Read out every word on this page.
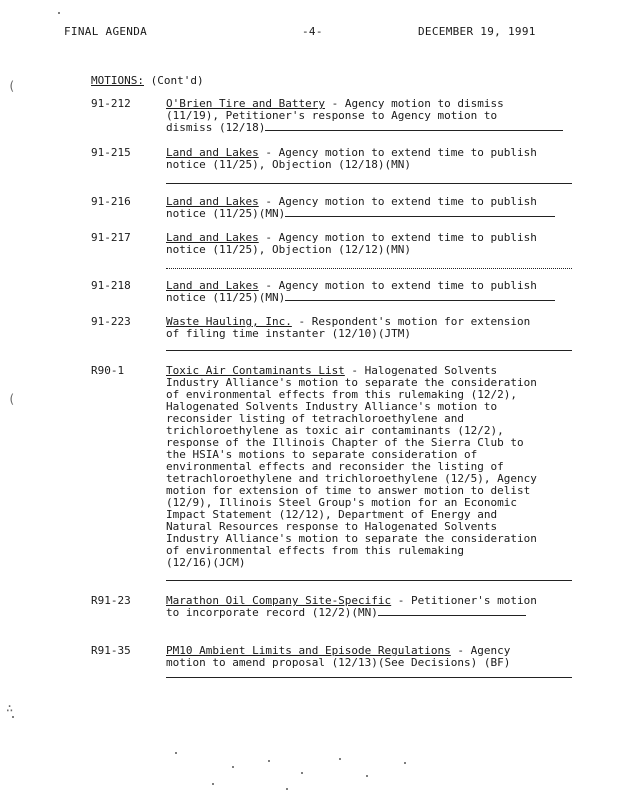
FINAL AGENDA	-4-	DECEMBER 19, 1991
MOTIONS: (Cont'd)
91-212	O'Brien Tire and Battery - Agency motion to dismiss
(11/19), Petitioner's response to Agency motion to
dismiss (12/18)
91-215	Land and Lakes - Agency motion to extend time to publish
notice (11/25), Objection (12/18)(MN)
91-216	Land and Lakes - Agency motion to extend time to publish
notice (11/25)(MN)
91-217	Land and Lakes - Agency motion to extend time to publish
notice (11/25), Objection (12/12)(MN)
91-218	Land and Lakes - Agency motion to extend time to publish
notice (11/25)(MN)
91-223	Waste Hauling, Inc. - Respondent's motion for extension
of filing time instanter (12/10)(JTM)
R90-1	Toxic Air Contaminants List - Halogenated Solvents
Industry Alliance's motion to separate the consideration
of environmental effects from this rulemaking (12/2),
Halogenated Solvents Industry Alliance's motion to
reconsider listing of tetrachloroethylene and
trichloroethylene as toxic air contaminants (12/2),
response of the Illinois Chapter of the Sierra Club to
the HSIA's motions to separate consideration of
environmental effects and reconsider the listing of
tetrachloroethylene and trichloroethylene (12/5), Agency
motion for extension of time to answer motion to delist
(12/9), Illinois Steel Group's motion for an Economic
Impact Statement (12/12), Department of Energy and
Natural Resources response to Halogenated Solvents
Industry Alliance's motion to separate the consideration
of environmental effects from this rulemaking
(12/16)(JCM)
R91-23	Marathon Oil Company Site-Specific - Petitioner's motion
to incorporate record (12/2)(MN)
R91-35	PM10 Ambient Limits and Episode Regulations - Agency
motion to amend proposal (12/13)(See Decisions) (BF)
(
(
∴
